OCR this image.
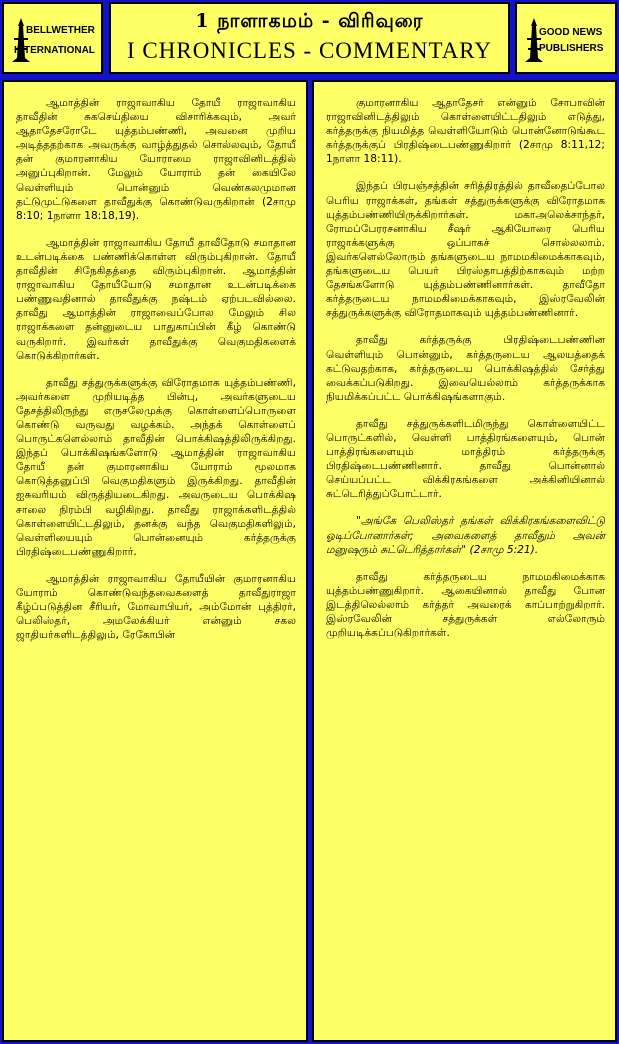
BELLWETHER
INTERNATIONAL
1 நாளாகமம் - விரிவுரை
I CHRONICLES - COMMENTARY
GOOD NEWS
PUBLISHERS

ஆமாத்தின் ராஜாவாகிய தோயீ ராஜாவாகிய தாவீதின் சுகசெய்தியை விசாரிக்கவும், அவர் ஆதாதேசரோடே யுத்தம்பண்ணி, அவனை முறிய அடித்ததற்காக அவருக்கு வாழ்த்துதல் சொல்லவும், தோயீ தன் குமாரனாகிய யோராமை ராஜாவினிடத்தில் அனுப்புகிறான். மேலும் யோராம் தன் கையிலே வெள்ளியும் பொன்னும் வெண்கலமுமான தட்டுமுட்டுகளை தாவீதுக்கு கொண்டுவருகிறான் (2சாமு 8:10; 1நாளா 18:18,19).

ஆமாத்தின் ராஜாவாகிய தோயீ தாவீதோடு சமாதான உடன்படிக்கை பண்ணிக்கொள்ள விரும்புகிறான். தோயீ தாவீதின் சிநேகிதத்தை விரும்புகிறான். ஆமாத்தின் ராஜாவாகிய தோயீயோடு சமாதான உடன்படிக்கை பண்ணுவதினால் தாவீதுக்கு நஷ்டம் ஏற்படவில்லை. தாவீது ஆமாத்தின் ராஜாவைப்போல மேலும் சில ராஜாக்களை தன்னுடைய பாதுகாப்பின் கீழ் கொண்டு வருகிறார். இவர்கள் தாவீதுக்கு வெகுமதிகளைக் கொடுக்கிறார்கள்.

தாவீது சத்துருக்களுக்கு விரோதமாக யுத்தம்பண்ணி, அவர்களை முறியடித்த பின்பு, அவர்களுடைய தேசத்திலிருந்து எருசலேமுக்கு கொள்ளைப்பொருளை கொண்டு வருவது வழக்கம். அந்தக் கொள்ளைப் பொருட்களெல்லாம் தாவீதின் பொக்கிஷத்திலிருக்கிறது. இந்தப் பொக்கிஷங்களோடு ஆமாத்தின் ராஜாவாகிய தோயீ தன் குமாரனாகிய யோராம் மூலமாக கொடுத்தனுப்பி வெகுமதிகளும் இருக்கிறது. தாவீதின் ஐசுவரியம் விருத்தியடைகிறது. அவருடைய பொக்கிஷ சாலை நிரம்பி வழிகிறது. தாவீது ராஜாக்களிடத்தில் கொள்ளையிட்டதிலும், தனக்கு வந்த வெகுமதிகளிலும், வெள்ளியையும் பொன்னையும் கர்த்தருக்கு பிரதிஷ்டைபண்ணுகிறார்.

ஆமாத்தின் ராஜாவாகிய தோயீயின் குமாரனாகிய யோராம் கொண்டுவந்தவைகளைத் தாவீதுராஜா கீழ்ப்படுத்தின சீரியர், மோவாபியர், அம்மோன் புத்திரர், பெலிஸ்தர், அமலேக்கியர் என்னும் சகல ஜாதியர்களிடத்திலும், ரேகோபின்

குமாரனாகிய ஆதாதேசர் என்னும் சோபாவின் ராஜாவினிடத்திலும் கொள்ளையிட்டதிலும் எடுத்து, கர்த்தருக்கு நியமித்த வெள்ளியோடும் பொன்னோடுங்கூட கர்த்தருக்குப் பிரதிஷ்டைபண்ணுகிறார் (2சாமு 8:11,12; 1நாளா 18:11).

இந்தப் பிரபஞ்சத்தின் சரித்திரத்தில் தாவீதைப்போல பெரிய ராஜாக்கள், தங்கள் சத்துருக்களுக்கு விரோதமாக யுத்தம்பண்ணியிருக்கிறார்கள். மகாஅலெக்சாந்தர், ரோமப்பேரரசனாகிய சீஷர் ஆகியோரை பெரிய ராஜாக்களுக்கு ஒப்பாகச் சொல்லலாம். இவர்களெல்லோரும் தங்களுடைய நாமமகிமைக்காகவும், தங்களுடைய பெயர் பிரஸ்தாபத்திற்காகவும் மற்ற தேசங்களோடு யுத்தம்பண்ணினார்கள். தாவீதோ கர்த்தருடைய நாமமகிமைக்காகவும், இஸ்ரவேலின் சத்துருக்களுக்கு விரோதமாகவும் யுத்தம்பண்ணினார்.

தாவீது கர்த்தருக்கு பிரதிஷ்டைபண்ணின வெள்ளியும் பொன்னும், கர்த்தருடைய ஆலயத்தைக் கட்டுவதற்காக, கர்த்தருடைய பொக்கிஷத்தில் சேர்த்து வைக்கப்படுகிறது. இவையெல்லாம் கர்த்தருக்காக நியமிக்கப்பட்ட பொக்கிஷங்களாகும்.

தாவீது சத்துருக்களிடமிருந்து கொள்ளையிட்ட பொருட்களில், வெள்ளி பாத்திரங்களையும், பொன் பாத்திரங்களையும் மாத்திரம் கர்த்தருக்கு பிரதிஷ்டைபண்ணினார். தாவீது பொன்னால் செய்யப்பட்ட விக்கிரகங்களை அக்கினியினால் சுட்டெரித்துப்போட்டார்.

"அங்கே பெலிஸ்தர் தங்கள் விக்கிரகங்களைவிட்டு ஓடிப்போனார்கள்; அவைகளைத் தாவீதும் அவன் மனுஷரும் சுட்டெரித்தார்கள்" (2சாமு 5:21).

தாவீது கர்த்தருடைய நாமமகிமைக்காக யுத்தம்பண்ணுகிறார். ஆகையினால் தாவீது போன இடத்திலெல்லாம் கர்த்தர் அவரைக் காப்பாற்றுகிறார். இஸ்ரவேலின் சத்துருக்கள் எல்லோரும் முறியடிக்கப்படுகிறார்கள்.
